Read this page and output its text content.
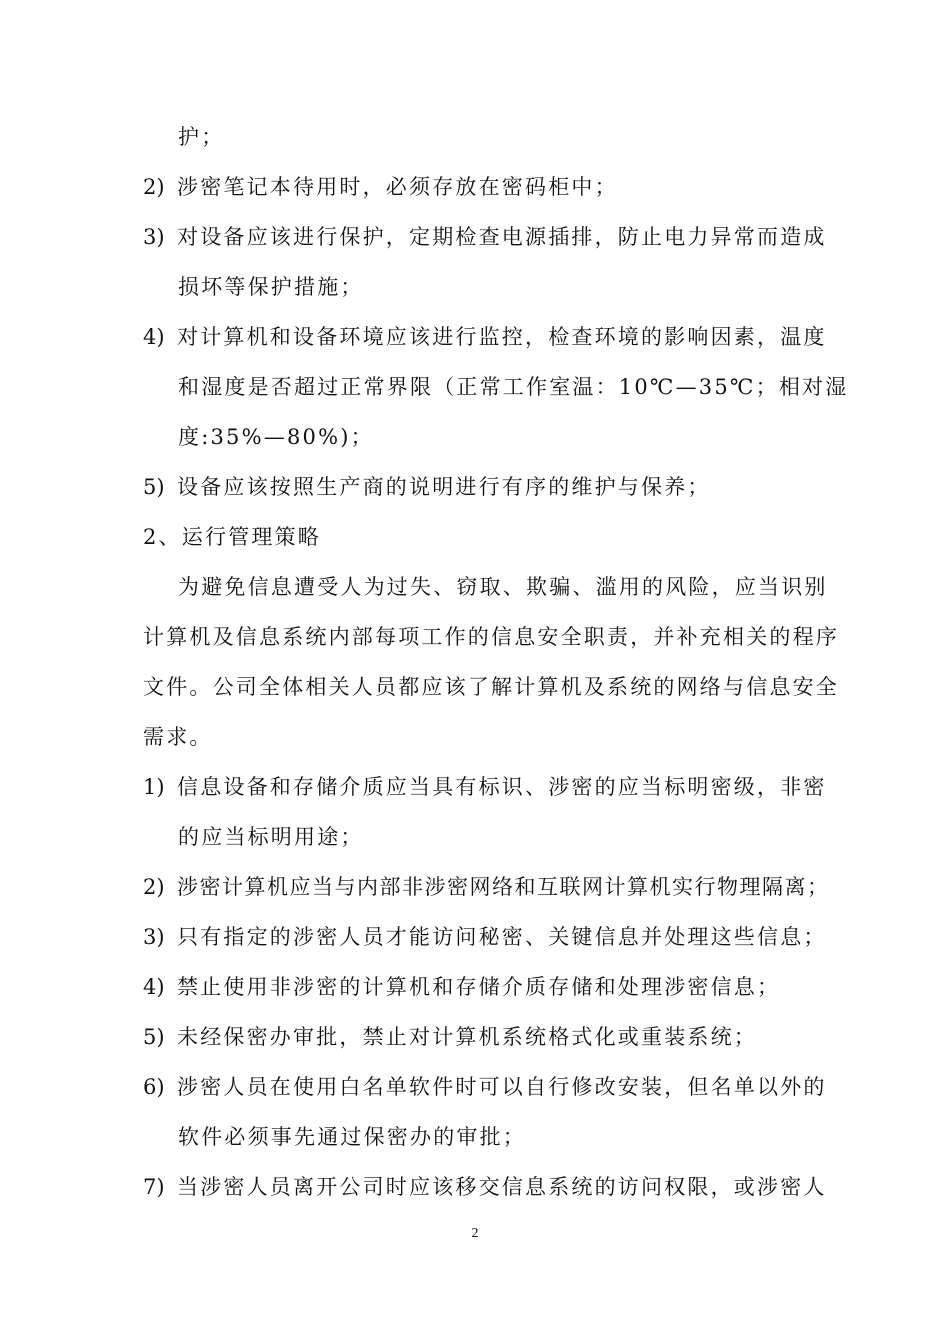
护；
2) 涉密笔记本待用时，必须存放在密码柜中；
3) 对设备应该进行保护，定期检查电源插排，防止电力异常而造成
损坏等保护措施；
4) 对计算机和设备环境应该进行监控，检查环境的影响因素，温度
和湿度是否超过正常界限（正常工作室温：10℃—35℃；相对湿
度:35%—80%)；
5) 设备应该按照生产商的说明进行有序的维护与保养；
2、运行管理策略
为避免信息遭受人为过失、窃取、欺骗、滥用的风险，应当识别
计算机及信息系统内部每项工作的信息安全职责，并补充相关的程序
文件。公司全体相关人员都应该了解计算机及系统的网络与信息安全
需求。
1) 信息设备和存储介质应当具有标识、涉密的应当标明密级，非密
的应当标明用途；
2) 涉密计算机应当与内部非涉密网络和互联网计算机实行物理隔离；
3) 只有指定的涉密人员才能访问秘密、关键信息并处理这些信息；
4) 禁止使用非涉密的计算机和存储介质存储和处理涉密信息；
5) 未经保密办审批，禁止对计算机系统格式化或重装系统；
6) 涉密人员在使用白名单软件时可以自行修改安装，但名单以外的
软件必须事先通过保密办的审批；
7) 当涉密人员离开公司时应该移交信息系统的访问权限，或涉密人
2
